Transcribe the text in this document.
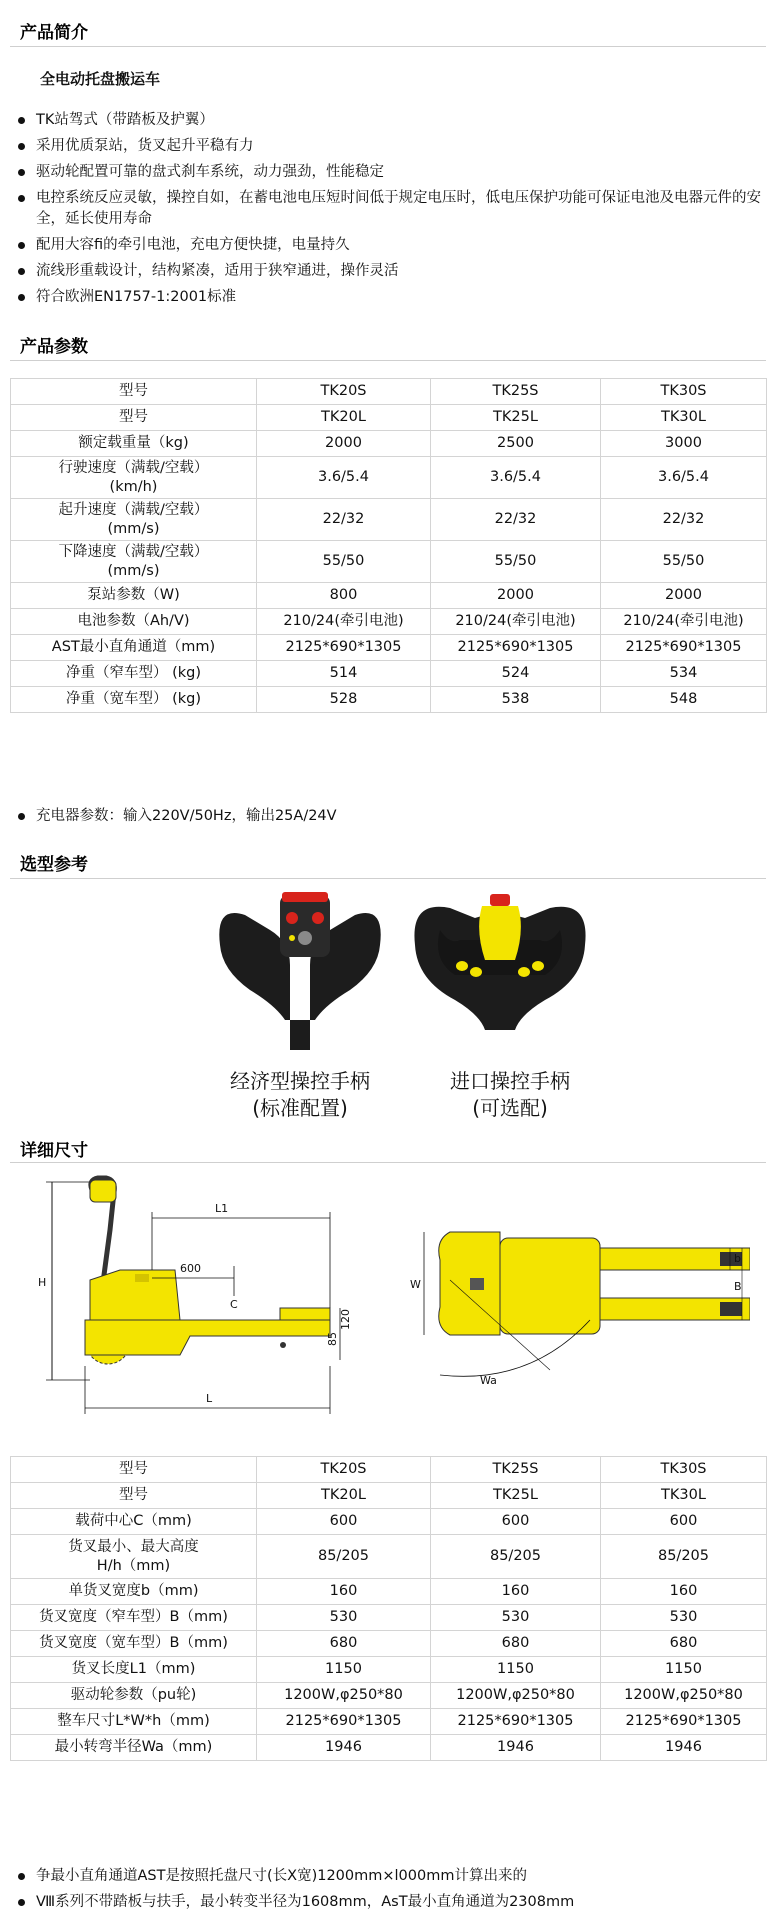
产品简介
全电动托盘搬运车
TK站驾式（带踏板及护翼）
采用优质泵站，货叉起升平稳有力
驱动轮配置可靠的盘式刹车系统，动力强劲，性能稳定
电控系统反应灵敏，操控自如，在蓄电池电压短时间低于规定电压时，低电压保护功能可保证电池及电器元件的安全，延长使用寿命
配用大容fi的牵引电池，充电方便快捷，电量持久
流线形重载设计，结构紧凑，适用于狭窄通进，操作灵活
符合欧洲EN1757-1:2001标准
产品参数
型号	TK20S	TK25S	TK30S
型号	TK20L	TK25L	TK30L
额定载重量（kg)	2000	2500	3000
行驶速度（满载/空载）
(km/h)	3.6/5.4	3.6/5.4	3.6/5.4
起升速度（满载/空载）
(mm/s)	22/32	22/32	22/32
下降速度（满载/空载）
(mm/s)	55/50	55/50	55/50
泵站参数（W)	800	2000	2000
电池参数（Ah/V)	210/24(牵引电池)	210/24(牵引电池)	210/24(牵引电池)
AST最小直角通道（mm)	2125*690*1305	2125*690*1305	2125*690*1305
净重（窄车型） (kg)	514	524	534
净重（宽车型） (kg)	528	538	548
充电器参数：输入220V/50Hz，输出25A/24V
选型参考
经济型操控手柄
(标准配置)
进口操控手柄
(可选配)
详细尺寸
H
L1
600
C
85
120
L
W
b
B
Wa
型号	TK20S	TK25S	TK30S
型号	TK20L	TK25L	TK30L
载荷中心C（mm)	600	600	600
货叉最小、最大高度
H/h（mm)	85/205	85/205	85/205
单货叉宽度b（mm)	160	160	160
货叉宽度（窄车型）B（mm)	530	530	530
货叉宽度（宽车型）B（mm)	680	680	680
货叉长度L1（mm)	1150	1150	1150
驱动轮参数（pu轮)	1200W,φ250*80	1200W,φ250*80	1200W,φ250*80
整车尺寸L*W*h（mm)	2125*690*1305	2125*690*1305	2125*690*1305
最小转弯半径Wa（mm)	1946	1946	1946
争最小直角通道AST是按照托盘尺寸(长X宽)1200mm×l000mm计算出来的
Ⅷ系列不带踏板与扶手，最小转变半径为1608mm，AsT最小直角通道为2308mm
